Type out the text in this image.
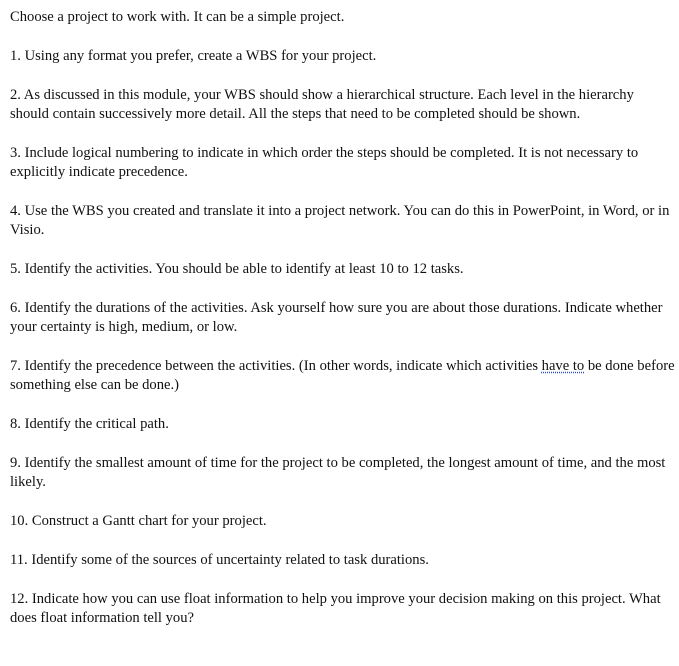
Choose a project to work with. It can be a simple project.

1. Using any format you prefer, create a WBS for your project.

2. As discussed in this module, your WBS should show a hierarchical structure. Each level in the hierarchy should contain successively more detail. All the steps that need to be completed should be shown.

3. Include logical numbering to indicate in which order the steps should be completed. It is not necessary to explicitly indicate precedence.

4. Use the WBS you created and translate it into a project network. You can do this in PowerPoint, in Word, or in Visio.

5. Identify the activities. You should be able to identify at least 10 to 12 tasks.

6. Identify the durations of the activities. Ask yourself how sure you are about those durations. Indicate whether your certainty is high, medium, or low.

7. Identify the precedence between the activities. (In other words, indicate which activities have to be done before something else can be done.)

8. Identify the critical path.

9. Identify the smallest amount of time for the project to be completed, the longest amount of time, and the most likely.

10. Construct a Gantt chart for your project.

11. Identify some of the sources of uncertainty related to task durations.

12. Indicate how you can use float information to help you improve your decision making on this project. What does float information tell you?
